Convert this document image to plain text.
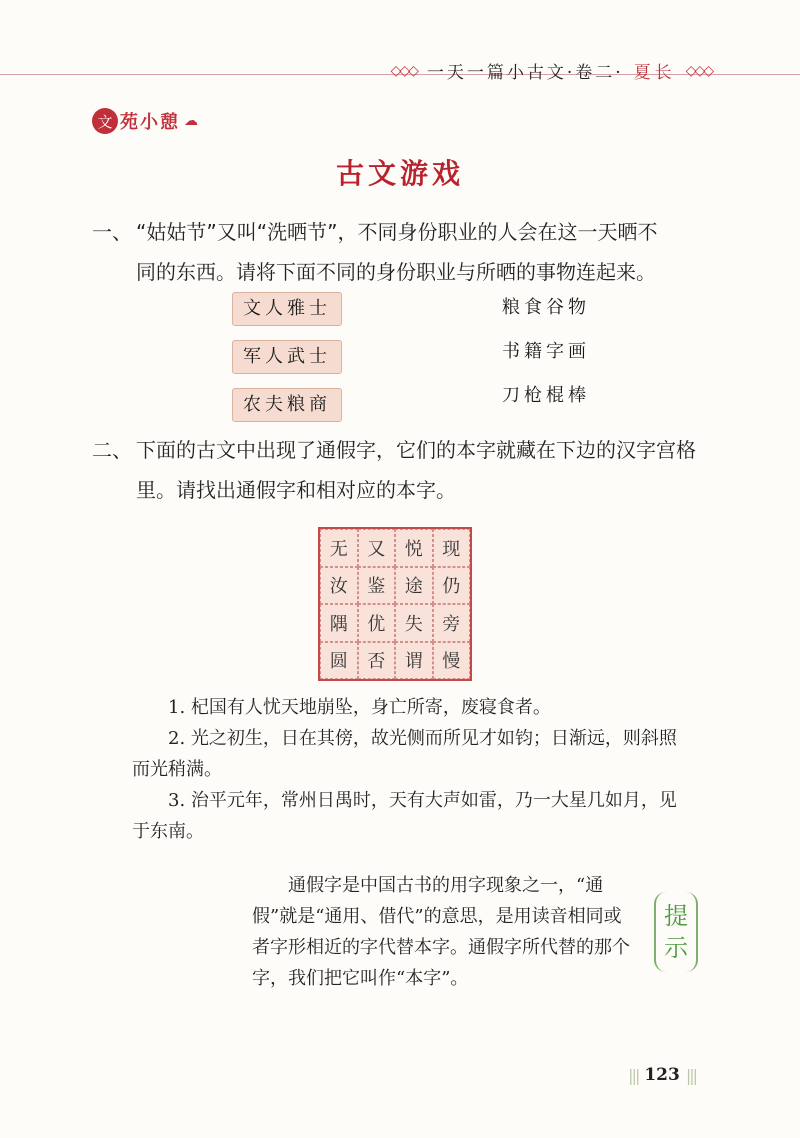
◇◇◇ 一天一篇小古文·卷二· 夏长 ◇◇◇
文 苑小憩 ☁
古文游戏
一、 “姑姑节”又叫“洗晒节”，不同身份职业的人会在这一天晒不
同的东西。请将下面不同的身份职业与所晒的事物连起来。
文人雅士
军人武士
农夫粮商
粮食谷物
书籍字画
刀枪棍棒
二、 下面的古文中出现了通假字，它们的本字就藏在下边的汉字宫格
里。请找出通假字和相对应的本字。
无	又	悦	现
汝	鉴	途	仍
隅	优	失	旁
圆	否	谓	慢

1. 杞国有人忧天地崩坠，身亡所寄，废寝食者。

2. 光之初生，日在其傍，故光侧而所见才如钧；日渐远，则斜照而光稍满。

3. 治平元年，常州日禺时，天有大声如雷，乃一大星几如月，见于东南。

通假字是中国古书的用字现象之一，“通假”就是“通用、借代”的意思，是用读音相同或者字形相近的字代替本字。通假字所代替的那个字，我们把它叫作“本字”。
提
示
||| 123 |||
